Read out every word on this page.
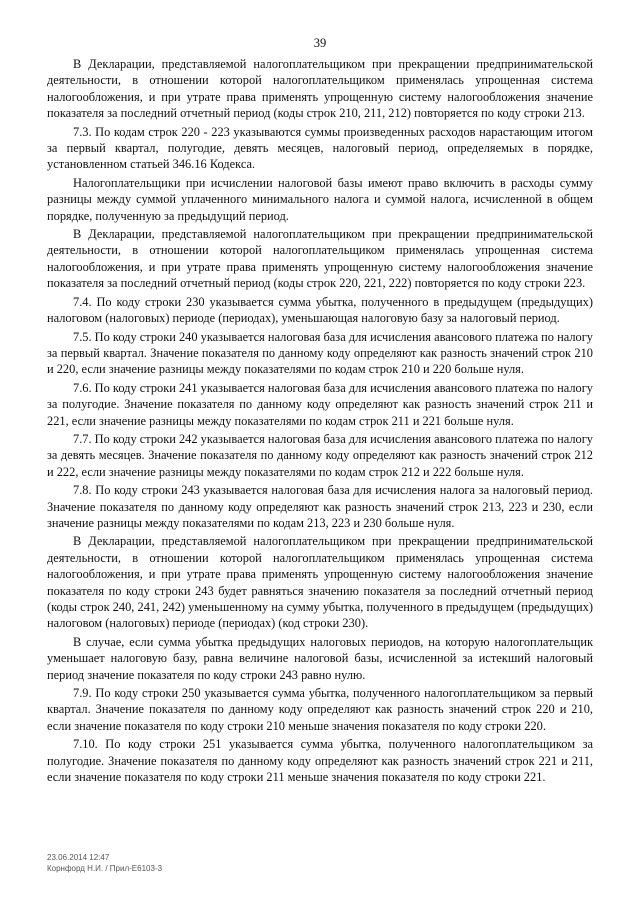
39

В Декларации, представляемой налогоплательщиком при прекращении предпринимательской деятельности, в отношении которой налогоплательщиком применялась упрощенная система налогообложения, и при утрате права применять упрощенную систему налогообложения значение показателя за последний отчетный период (коды строк 210, 211, 212) повторяется по коду строки 213.

7.3. По кодам строк 220 - 223 указываются суммы произведенных расходов нарастающим итогом за первый квартал, полугодие, девять месяцев, налоговый период, определяемых в порядке, установленном статьей 346.16 Кодекса.

Налогоплательщики при исчислении налоговой базы имеют право включить в расходы сумму разницы между суммой уплаченного минимального налога и суммой налога, исчисленной в общем порядке, полученную за предыдущий период.

В Декларации, представляемой налогоплательщиком при прекращении предпринимательской деятельности, в отношении которой налогоплательщиком применялась упрощенная система налогообложения, и при утрате права применять упрощенную систему налогообложения значение показателя за последний отчетный период (коды строк 220, 221, 222) повторяется по коду строки 223.

7.4. По коду строки 230 указывается сумма убытка, полученного в предыдущем (предыдущих) налоговом (налоговых) периоде (периодах), уменьшающая налоговую базу за налоговый период.

7.5. По коду строки 240 указывается налоговая база для исчисления авансового платежа по налогу за первый квартал. Значение показателя по данному коду определяют как разность значений строк 210 и 220, если значение разницы между показателями по кодам строк 210 и 220 больше нуля.

7.6. По коду строки 241 указывается налоговая база для исчисления авансового платежа по налогу за полугодие. Значение показателя по данному коду определяют как разность значений строк 211 и 221, если значение разницы между показателями по кодам строк 211 и 221 больше нуля.

7.7. По коду строки 242 указывается налоговая база для исчисления авансового платежа по налогу за девять месяцев. Значение показателя по данному коду определяют как разность значений строк 212 и 222, если значение разницы между показателями по кодам строк 212 и 222 больше нуля.

7.8. По коду строки 243 указывается налоговая база для исчисления налога за налоговый период. Значение показателя по данному коду определяют как разность значений строк 213, 223 и 230, если значение разницы между показателями по кодам 213, 223 и 230 больше нуля.

В Декларации, представляемой налогоплательщиком при прекращении предпринимательской деятельности, в отношении которой налогоплательщиком применялась упрощенная система налогообложения, и при утрате права применять упрощенную систему налогообложения значение показателя по коду строки 243 будет равняться значению показателя за последний отчетный период (коды строк 240, 241, 242) уменьшенному на сумму убытка, полученного в предыдущем (предыдущих) налоговом (налоговых) периоде (периодах) (код строки 230).

В случае, если сумма убытка предыдущих налоговых периодов, на которую налогоплательщик уменьшает налоговую базу, равна величине налоговой базы, исчисленной за истекший налоговый период значение показателя по коду строки 243 равно нулю.

7.9. По коду строки 250 указывается сумма убытка, полученного налогоплательщиком за первый квартал. Значение показателя по данному коду определяют как разность значений строк 220 и 210, если значение показателя по коду строки 210 меньше значения показателя по коду строки 220.

7.10. По коду строки 251 указывается сумма убытка, полученного налогоплательщиком за полугодие. Значение показателя по данному коду определяют как разность значений строк 221 и 211, если значение показателя по коду строки 211 меньше значения показателя по коду строки 221.

23.06.2014 12:47
Корнфорд Н.И. / Прил-Е6103-3
